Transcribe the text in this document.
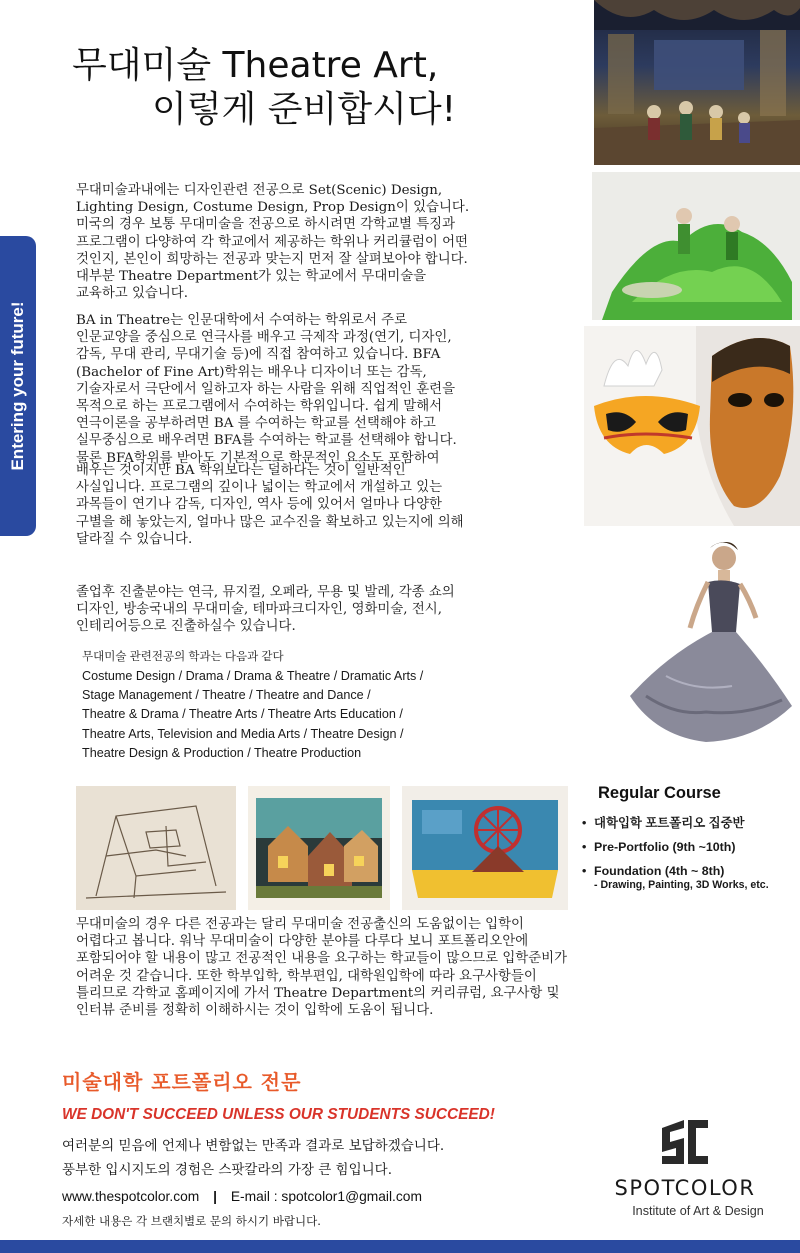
Entering your future!
무대미술 Theatre Art,
이렇게 준비합시다!
무대미술과내에는 디자인관련 전공으로 Set(Scenic) Design,
Lighting Design, Costume Design, Prop Design이 있습니다.
미국의 경우 보통 무대미술을 전공으로 하시려면 각학교별 특징과
프로그램이 다양하여 각 학교에서 제공하는 학위나 커리큘럼이 어떤
것인지, 본인이 희망하는 전공과 맞는지 먼저 잘 살펴보아야 합니다.
대부분 Theatre Department가 있는 학교에서 무대미술을
교육하고 있습니다.
BA in Theatre는 인문대학에서 수여하는 학위로서 주로
인문교양을 중심으로 연극사를 배우고 극제작 과정(연기, 디자인,
감독, 무대 관리, 무대기술 등)에 직접 참여하고 있습니다. BFA
(Bachelor of Fine Art)학위는 배우나 디자이너 또는 감독,
기술자로서 극단에서 일하고자 하는 사람을 위해 직업적인 훈련을
목적으로 하는 프로그램에서 수여하는 학위입니다. 쉽게 말해서
연극이론을 공부하려면 BA 를 수여하는 학교를 선택해야 하고
실무중심으로 배우려면 BFA를 수여하는 학교를 선택해야 합니다.
물론 BFA학위를 받아도 기본적으로 학문적인 요소도 포함하여
배우는 것이지만 BA 학위보다는 덜하다는 것이 일반적인
사실입니다. 프로그램의 깊이나 넓이는 학교에서 개설하고 있는
과목들이 연기나 감독, 디자인, 역사 등에 있어서 얼마나 다양한
구별을 해 놓았는지, 얼마나 많은 교수진을 확보하고 있는지에 의해
달라질 수 있습니다.
졸업후 진출분야는 연극, 뮤지컬, 오페라, 무용 및 발레, 각종 쇼의
디자인, 방송국내의 무대미술, 테마파크디자인, 영화미술, 전시,
인테리어등으로 진출하실수 있습니다.
무대미술 관련전공의 학과는 다음과 같다
Costume Design / Drama / Drama & Theatre / Dramatic Arts /
Stage Management / Theatre / Theatre and Dance /
Theatre & Drama / Theatre Arts / Theatre Arts Education /
Theatre Arts, Television and Media Arts / Theatre Design /
Theatre Design & Production / Theatre Production
Regular Course
• 대학입학 포트폴리오 집중반
• Pre-Portfolio (9th ~10th)
• Foundation (4th ~ 8th)
- Drawing, Painting, 3D Works, etc.
무대미술의 경우 다른 전공과는 달리 무대미술 전공출신의 도움없이는 입학이
어렵다고 봅니다. 워낙 무대미술이 다양한 분야를 다루다 보니 포트폴리오안에
포함되어야 할 내용이 많고 전공적인 내용을 요구하는 학교들이 많으므로 입학준비가
어려운 것 같습니다. 또한 학부입학, 학부편입, 대학원입학에 따라 요구사항들이
틀리므로 각학교 홈페이지에 가서 Theatre Department의 커리큐럼, 요구사항 및
인터뷰 준비를 정확히 이해하시는 것이 입학에 도움이 됩니다.
미술대학 포트폴리오 전문
WE DON'T SUCCEED UNLESS OUR STUDENTS SUCCEED!
여러분의 믿음에 언제나 변함없는 만족과 결과로 보답하겠습니다.
풍부한 입시지도의 경험은 스팟칼라의 가장 큰 힘입니다.
www.thespotcolor.com | E-mail : spotcolor1@gmail.com
자세한 내용은 각 브랜치별로 문의 하시기 바랍니다.
SPOTCOLOR
Institute of Art & Design
